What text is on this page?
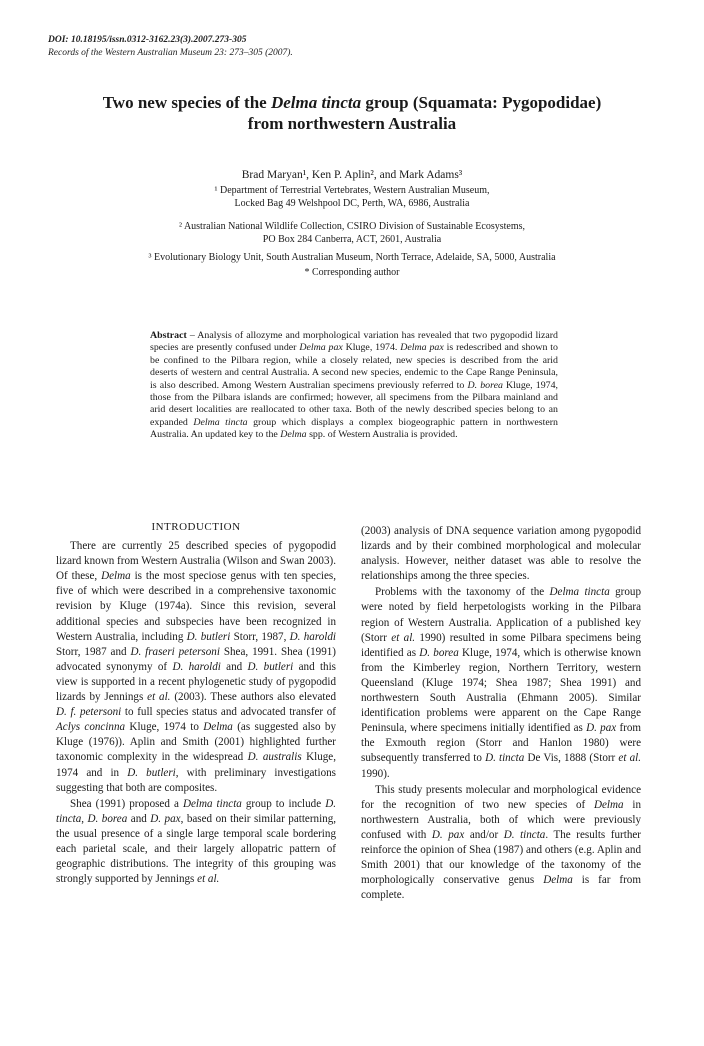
DOI: 10.18195/issn.0312-3162.23(3).2007.273-305
Records of the Western Australian Museum 23: 273–305 (2007).
Two new species of the Delma tincta group (Squamata: Pygopodidae)
from northwestern Australia
Brad Maryan¹, Ken P. Aplin², and Mark Adams³
¹ Department of Terrestrial Vertebrates, Western Australian Museum,
Locked Bag 49 Welshpool DC, Perth, WA, 6986, Australia
² Australian National Wildlife Collection, CSIRO Division of Sustainable Ecosystems,
PO Box 284 Canberra, ACT, 2601, Australia
³ Evolutionary Biology Unit, South Australian Museum, North Terrace, Adelaide, SA, 5000, Australia
* Corresponding author
Abstract – Analysis of allozyme and morphological variation has revealed that two pygopodid lizard species are presently confused under Delma pax Kluge, 1974. Delma pax is redescribed and shown to be confined to the Pilbara region, while a closely related, new species is described from the arid deserts of western and central Australia. A second new species, endemic to the Cape Range Peninsula, is also described. Among Western Australian specimens previously referred to D. borea Kluge, 1974, those from the Pilbara islands are confirmed; however, all specimens from the Pilbara mainland and arid desert localities are reallocated to other taxa. Both of the newly described species belong to an expanded Delma tincta group which displays a complex biogeographic pattern in northwestern Australia. An updated key to the Delma spp. of Western Australia is provided.
INTRODUCTION

There are currently 25 described species of pygopodid lizard known from Western Australia (Wilson and Swan 2003). Of these, Delma is the most speciose genus with ten species, five of which were described in a comprehensive taxonomic revision by Kluge (1974a). Since this revision, several additional species and subspecies have been recognized in Western Australia, including D. butleri Storr, 1987, D. haroldi Storr, 1987 and D. fraseri petersoni Shea, 1991. Shea (1991) advocated synonymy of D. haroldi and D. butleri and this view is supported in a recent phylogenetic study of pygopodid lizards by Jennings et al. (2003). These authors also elevated D. f. petersoni to full species status and advocated transfer of Aclys concinna Kluge, 1974 to Delma (as suggested also by Kluge (1976)). Aplin and Smith (2001) highlighted further taxonomic complexity in the widespread D. australis Kluge, 1974 and in D. butleri, with preliminary investigations suggesting that both are composites.

Shea (1991) proposed a Delma tincta group to include D. tincta, D. borea and D. pax, based on their similar patterning, the usual presence of a single large temporal scale bordering each parietal scale, and their largely allopatric pattern of geographic distributions. The integrity of this grouping was strongly supported by Jennings et al.

(2003) analysis of DNA sequence variation among pygopodid lizards and by their combined morphological and molecular analysis. However, neither dataset was able to resolve the relationships among the three species.

Problems with the taxonomy of the Delma tincta group were noted by field herpetologists working in the Pilbara region of Western Australia. Application of a published key (Storr et al. 1990) resulted in some Pilbara specimens being identified as D. borea Kluge, 1974, which is otherwise known from the Kimberley region, Northern Territory, western Queensland (Kluge 1974; Shea 1987; Shea 1991) and northwestern South Australia (Ehmann 2005). Similar identification problems were apparent on the Cape Range Peninsula, where specimens initially identified as D. pax from the Exmouth region (Storr and Hanlon 1980) were subsequently transferred to D. tincta De Vis, 1888 (Storr et al. 1990).

This study presents molecular and morphological evidence for the recognition of two new species of Delma in northwestern Australia, both of which were previously confused with D. pax and/or D. tincta. The results further reinforce the opinion of Shea (1987) and others (e.g. Aplin and Smith 2001) that our knowledge of the taxonomy of the morphologically conservative genus Delma is far from complete.
